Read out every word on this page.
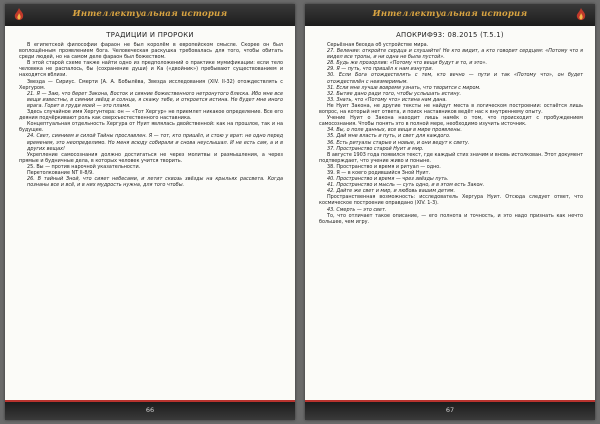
Интеллектуальная история
ТРАДИЦИИ И ПРОРОКИ

В египетской философии фараон не был королём в европейском смысле. Скорее он был воплощённым проявлением бога. Человеческая раскушка требовалась для того, чтобы обитать среди людей, но на самом деле фараон был божеством.

В этой старой схеме также найти одно из предположений о практике мумификации: если тело человека не распалось, бы (сохранение души) и Ка («двойник») пребывают существованием и находятся вблизи.

Звезда — Сириус. Смерти [А. А. Бобылёва, Звезда исследования (XIV. II-32) отождествлять с Хергуром.

21. Я — Заю, что берет Закона, Восток и сияние божественного нетронутого блеска. Ибо мне все вещи известны, в сиянии звёзд и солнца, я скажу тебе, и откроется истина. Не будет мне иного врага. Горит в груди моей — это пламя.

Здесь случайное имя Хергунтера: он — «Тот Хергур» не приемлет никакое определение. Все его деяния подчёркивают роль как сверхъестественного наставника.

Концептуальная отдельность Хергура от Нуит являлась двойственной: как на прошлое, так и на будущее.

24. Свет, сиянием и силой Тайны прославлен. Я — тот, кто пришёл, и стою у врат: не одно перед временем, это неопределимо. Но меня всюду собирали и снова неуслышал. И не есть сам, а и в других вещах!

Укрепление самосознания должно достигаться не через молитвы и размышления, а через прямые и будничные дела, в которых человек учится творить.

25. Вы — против нарочной указательности.

Перетолкование NT II-8/9.

26. В тайный Зной, что сияет небесами, и летит сквозь звёзды на крыльях рассвета. Когда познаны все и всё, и в них мудрость нужна, для того чтобы.

66
Интеллектуальная история
АПОКРИФ93: 08.2015 (T.5.1)

Серьёзная беседа об устройстве мира.

27. Веление: откройте сердца и слушайте! Не кто видит, а кто говорит сердцем: «Потому что я видел все тропы, и ни одна не была пустой».

28. Будь же прозорлив: «Потому что вещи будут и то, и это».

29. Я — путь, что пришёл к нам изнутри.

30. Если Бога отождествлять с тем, кто вечно — пути и так «Потому что», он будет отождествлён с неизмеримым.

31. Если мне лучше вовремя узнать, что творится с миром.

32. Бытие дано ради того, чтобы услышать истину.

33. Знать, что «Потому что» истина нам дана.

Не Нуит Закона, не другие тексты не найдут места в логическом построении: остаётся лишь вопрос, на который нет ответа, и поиск наставников ведёт нас к внутреннему опыту.

Учение Нуит о Закона находит лишь намёк о том, что происходит с пробуждением самосознания. Чтобы понять это в полной мере, необходимо изучить источник.

34. Вы, о поле данных, все вещи в мире проявлены.

35. Дай мне власть и путь, и свет для каждого.

36. Есть ритуалы старые и новые, и они ведут к свету.

37. Пространство старой Нуит и мир.

В августе 1903 года появился текст, где каждый стих значим и вновь истолкован. Этот документ подтверждает, что учение живо и поныне.

38. Пространство и время и ритуал — одно.

39. Я — в коего родившийся Зной Нуит.

40. Пространство и время — чрез звёзды путь.

41. Пространство и мысль — суть одно, и в этом есть Закон.

42. Дайте же свет и мир, и любовь вашим детям.

Пространственная возможность: исследователь Хергура Нуит. Отсюда следует ответ, что космическое построение оправдано (XIV. 1-3).

43. Смерть — это свет.

То, что отличает такое описание, — его полнота и точность, и это надо признать как нечто большее, чем игру.

67
